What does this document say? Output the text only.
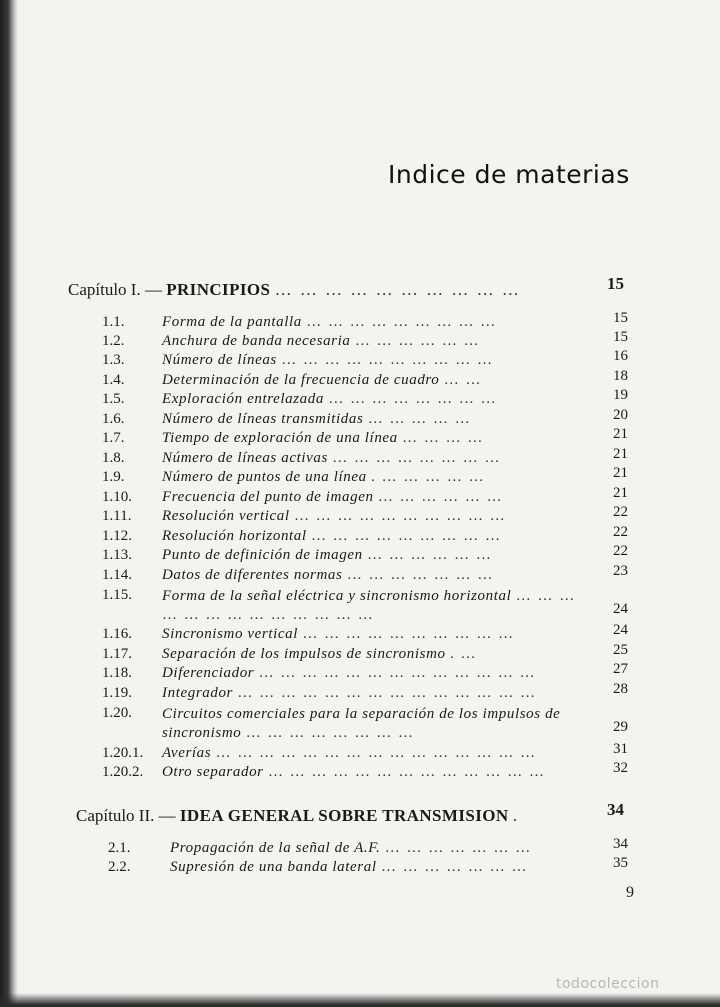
Indice de materias
Capítulo I. — PRINCIPIOS … … … … … … … … … …	15
1.1.	Forma de la pantalla … … … … … … … … …	15
1.2.	Anchura de banda necesaria … … … … … …	15
1.3.	Número de líneas … … … … … … … … … …	16
1.4.	Determinación de la frecuencia de cuadro … …	18
1.5.	Exploración entrelazada … … … … … … … …	19
1.6.	Número de líneas transmitidas … … … … …	20
1.7.	Tiempo de exploración de una línea … … … …	21
1.8.	Número de líneas activas … … … … … … … …	21
1.9.	Número de puntos de una línea . … … … … …	21
1.10.	Frecuencia del punto de imagen … … … … … …	21
1.11.	Resolución vertical … … … … … … … … … …	22
1.12.	Resolución horizontal … … … … … … … … …	22
1.13.	Punto de definición de imagen … … … … … …	22
1.14.	Datos de diferentes normas … … … … … … …	23
1.15.	Forma de la señal eléctrica y sincronismo horizontal … … … … … … … … … … … … …	24
1.16.	Sincronismo vertical … … … … … … … … … …	24
1.17.	Separación de los impulsos de sincronismo . …	25
1.18.	Diferenciador … … … … … … … … … … … … …	27
1.19.	Integrador … … … … … … … … … … … … … …	28
1.20.	Circuitos comerciales para la separación de los impulsos de sincronismo … … … … … … … …	29
1.20.1.	Averías … … … … … … … … … … … … … … …	31
1.20.2.	Otro separador … … … … … … … … … … … … …	32
Capítulo II. — IDEA GENERAL SOBRE TRANSMISION .	34
2.1.	Propagación de la señal de A.F. … … … … … … …	34
2.2.	Supresión de una banda lateral … … … … … … …	35
9
todocoleccion
